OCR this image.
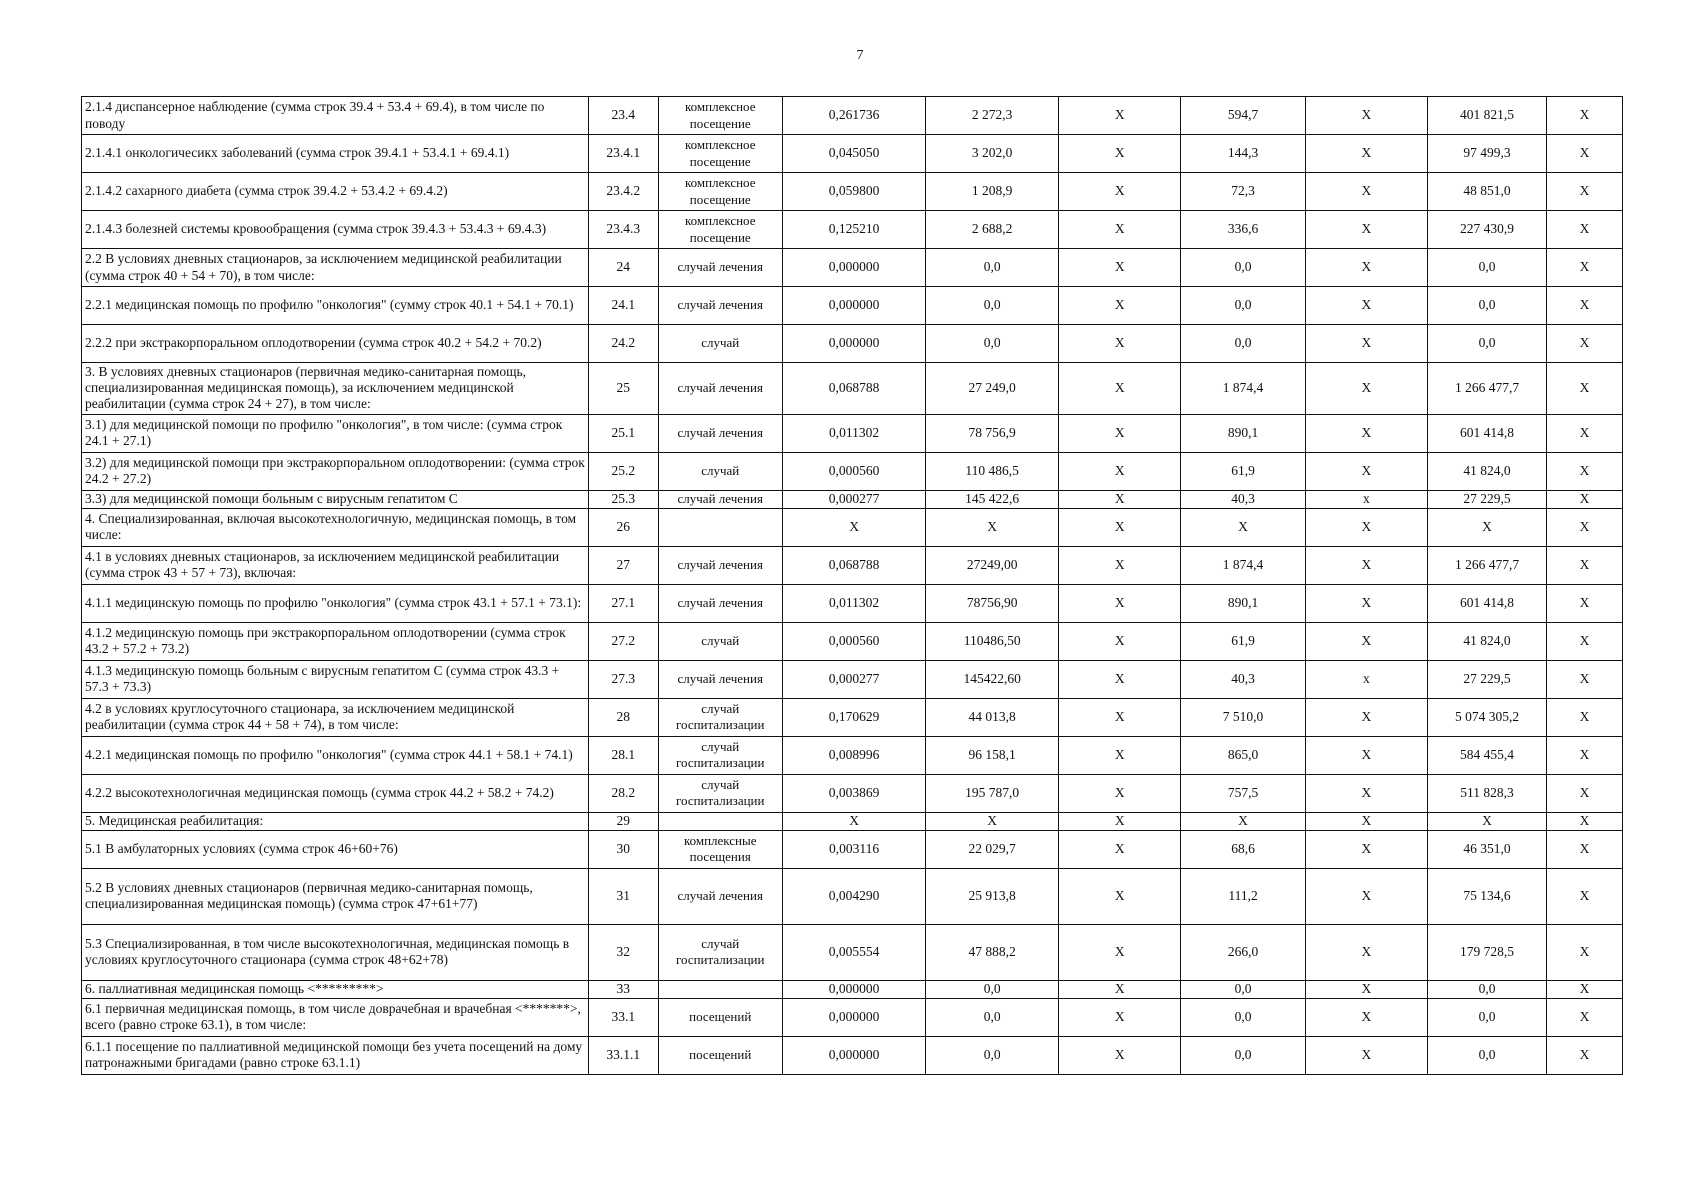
7
2.1.4 диспансерное наблюдение (сумма строк 39.4 + 53.4 + 69.4), в том числе по поводу	23.4	комплексное посещение	0,261736	2 272,3	X	594,7	X	401 821,5	X
2.1.4.1 онкологичесикх заболеваний (сумма строк 39.4.1 + 53.4.1 + 69.4.1)	23.4.1	комплексное посещение	0,045050	3 202,0	X	144,3	X	97 499,3	X
2.1.4.2 сахарного диабета (сумма строк 39.4.2 + 53.4.2 + 69.4.2)	23.4.2	комплексное посещение	0,059800	1 208,9	X	72,3	X	48 851,0	X
2.1.4.3 болезней системы кровообращения (сумма строк 39.4.3 + 53.4.3 + 69.4.3)	23.4.3	комплексное посещение	0,125210	2 688,2	X	336,6	X	227 430,9	X
2.2 В условиях дневных стационаров, за исключением медицинской реабилитации (сумма строк 40 + 54 + 70), в том числе:	24	случай лечения	0,000000	0,0	X	0,0	X	0,0	X
2.2.1 медицинская помощь по профилю "онкология" (сумму строк 40.1 + 54.1 + 70.1)	24.1	случай лечения	0,000000	0,0	X	0,0	X	0,0	X
2.2.2 при экстракорпоральном оплодотворении (сумма строк 40.2 + 54.2 + 70.2)	24.2	случай	0,000000	0,0	X	0,0	X	0,0	X
3. В условиях дневных стационаров (первичная медико-санитарная помощь, специализированная медицинская помощь), за исключением медицинской реабилитации (сумма строк 24 + 27), в том числе:	25	случай лечения	0,068788	27 249,0	X	1 874,4	X	1 266 477,7	X
3.1) для медицинской помощи по профилю "онкология", в том числе: (сумма строк 24.1 + 27.1)	25.1	случай лечения	0,011302	78 756,9	X	890,1	X	601 414,8	X
3.2) для медицинской помощи при экстракорпоральном оплодотворении: (сумма строк 24.2 + 27.2)	25.2	случай	0,000560	110 486,5	X	61,9	X	41 824,0	X
3.3) для медицинской помощи больным с вирусным гепатитом С	25.3	случай лечения	0,000277	145 422,6	X	40,3	x	27 229,5	X
4. Специализированная, включая высокотехнологичную, медицинская помощь, в том числе:	26		X	X	X	X	X	X	X
4.1 в условиях дневных стационаров, за исключением медицинской реабилитации (сумма строк 43 + 57 + 73), включая:	27	случай лечения	0,068788	27249,00	X	1 874,4	X	1 266 477,7	X
4.1.1 медицинскую помощь по профилю "онкология" (сумма строк 43.1 + 57.1 + 73.1):	27.1	случай лечения	0,011302	78756,90	X	890,1	X	601 414,8	X
4.1.2 медицинскую помощь при экстракорпоральном оплодотворении (сумма строк 43.2 + 57.2 + 73.2)	27.2	случай	0,000560	110486,50	X	61,9	X	41 824,0	X
4.1.3 медицинскую помощь больным с вирусным гепатитом С (сумма строк 43.3 + 57.3 + 73.3)	27.3	случай лечения	0,000277	145422,60	X	40,3	x	27 229,5	X
4.2 в условиях круглосуточного стационара, за исключением медицинской реабилитации (сумма строк 44 + 58 + 74), в том числе:	28	случай госпитализации	0,170629	44 013,8	X	7 510,0	X	5 074 305,2	X
4.2.1 медицинская помощь по профилю "онкология" (сумма строк 44.1 + 58.1 + 74.1)	28.1	случай госпитализации	0,008996	96 158,1	X	865,0	X	584 455,4	X
4.2.2 высокотехнологичная медицинская помощь (сумма строк 44.2 + 58.2 + 74.2)	28.2	случай госпитализации	0,003869	195 787,0	X	757,5	X	511 828,3	X
5. Медицинская реабилитация:	29		X	X	X	X	X	X	X
5.1 В амбулаторных условиях (сумма строк 46+60+76)	30	комплексные посещения	0,003116	22 029,7	X	68,6	X	46 351,0	X
5.2 В условиях дневных стационаров (первичная медико-санитарная помощь, специализированная медицинская помощь) (сумма строк 47+61+77)	31	случай лечения	0,004290	25 913,8	X	111,2	X	75 134,6	X
5.3 Специализированная, в том числе высокотехнологичная, медицинская помощь в условиях круглосуточного стационара (сумма строк 48+62+78)	32	случай госпитализации	0,005554	47 888,2	X	266,0	X	179 728,5	X
6. паллиативная медицинская помощь <*********>	33		0,000000	0,0	X	0,0	X	0,0	X
6.1 первичная медицинская помощь, в том числе доврачебная и врачебная <*******>, всего (равно строке 63.1), в том числе:	33.1	посещений	0,000000	0,0	X	0,0	X	0,0	X
6.1.1 посещение по паллиативной медицинской помощи без учета посещений на дому патронажными бригадами (равно строке 63.1.1)	33.1.1	посещений	0,000000	0,0	X	0,0	X	0,0	X
